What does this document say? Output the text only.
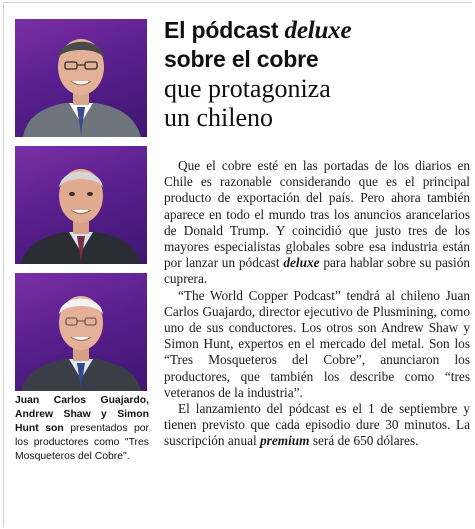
Juan Carlos Guajardo, Andrew Shaw y Simon Hunt son presentados por los productores como "Tres Mosqueteros del Cobre".
El pódcast deluxe
sobre el cobre
que protagoniza
un chileno

Que el cobre esté en las portadas de los diarios en Chile es razonable considerando que es el principal producto de exportación del país. Pero ahora también aparece en todo el mundo tras los anuncios arancelarios de Donald Trump. Y coincidió que justo tres de los mayores especialistas globales sobre esa industria están por lanzar un pódcast deluxe para hablar sobre su pasión cuprera.

“The World Copper Podcast” tendrá al chileno Juan Carlos Guajardo, director ejecutivo de Plusmining, como uno de sus conductores. Los otros son Andrew Shaw y Simon Hunt, expertos en el mercado del metal. Son los “Tres Mosqueteros del Cobre”, anunciaron los productores, que también los describe como “tres veteranos de la industria”.

El lanzamiento del pódcast es el 1 de septiembre y tienen previsto que cada episodio dure 30 minutos. La suscripción anual premium será de 650 dólares.
